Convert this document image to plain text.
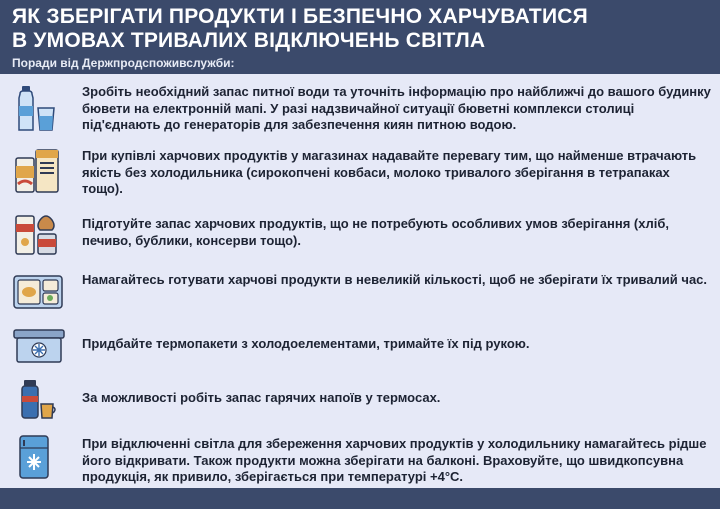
ЯК ЗБЕРІГАТИ ПРОДУКТИ І БЕЗПЕЧНО ХАРЧУВАТИСЯ
В УМОВАХ ТРИВАЛИХ ВІДКЛЮЧЕНЬ СВІТЛА
Поради від Держпродспоживслужби:
Зробіть необхідний запас питної води та уточніть інформацію про найближчі до вашого будинку бювети на електронній мапі. У разі надзвичайної ситуації бюветні комплекси столиці під'єднають до генераторів для забезпечення киян питною водою.
При купівлі харчових продуктів у магазинах надавайте перевагу тим, що найменше втрачають якість без холодильника (сирокопчені ковбаси, молоко тривалого зберігання в тетрапаках тощо).
Підготуйте запас харчових продуктів, що не потребують особливих умов зберігання (хліб, печиво, бублики, консерви тощо).
Намагайтесь готувати харчові продукти в невеликій кількості, щоб не зберігати їх тривалий час.
Придбайте термопакети з холодоелементами, тримайте їх під рукою.
За можливості робіть запас гарячих напоїв у термосах.
При відключенні світла для збереження харчових продуктів у холодильнику намагайтесь рідше його відкривати. Також продукти можна зберігати на балконі. Враховуйте, що швидкопсувна продукція, як привило, зберігається при температурі +4°С.
